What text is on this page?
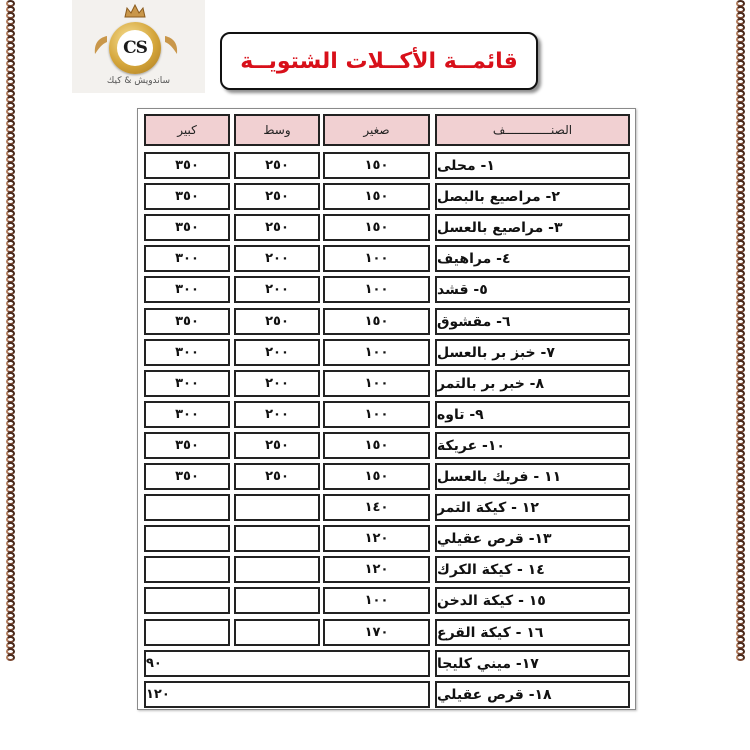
CS
ساندويش & كيك
قائمــة الأكــلات الشتويــة
الصنـــــــــــــف
صغير
وسط
كبير
١- محلى
١٥٠
٢٥٠
٣٥٠
٢- مراصيع بالبصل
١٥٠
٢٥٠
٣٥٠
٣- مراصيع بالعسل
١٥٠
٢٥٠
٣٥٠
٤- مراهيف
١٠٠
٢٠٠
٣٠٠
٥- قشد
١٠٠
٢٠٠
٣٠٠
٦- مقشوق
١٥٠
٢٥٠
٣٥٠
٧- خبز بر بالعسل
١٠٠
٢٠٠
٣٠٠
٨- خبر بر بالتمر
١٠٠
٢٠٠
٣٠٠
٩- تاوه
١٠٠
٢٠٠
٣٠٠
١٠- عريكة
١٥٠
٢٥٠
٣٥٠
١١ - فريك بالعسل
١٥٠
٢٥٠
٣٥٠
١٢ - كيكة التمر
١٤٠
١٣- قرص عقيلي
١٢٠
١٤ - كيكة الكرك
١٢٠
١٥ - كيكة الدخن
١٠٠
١٦ - كيكة القرع
١٧٠
١٧- ميني كليجا
٩٠
١٨- قرص عقيلي
١٢٠
